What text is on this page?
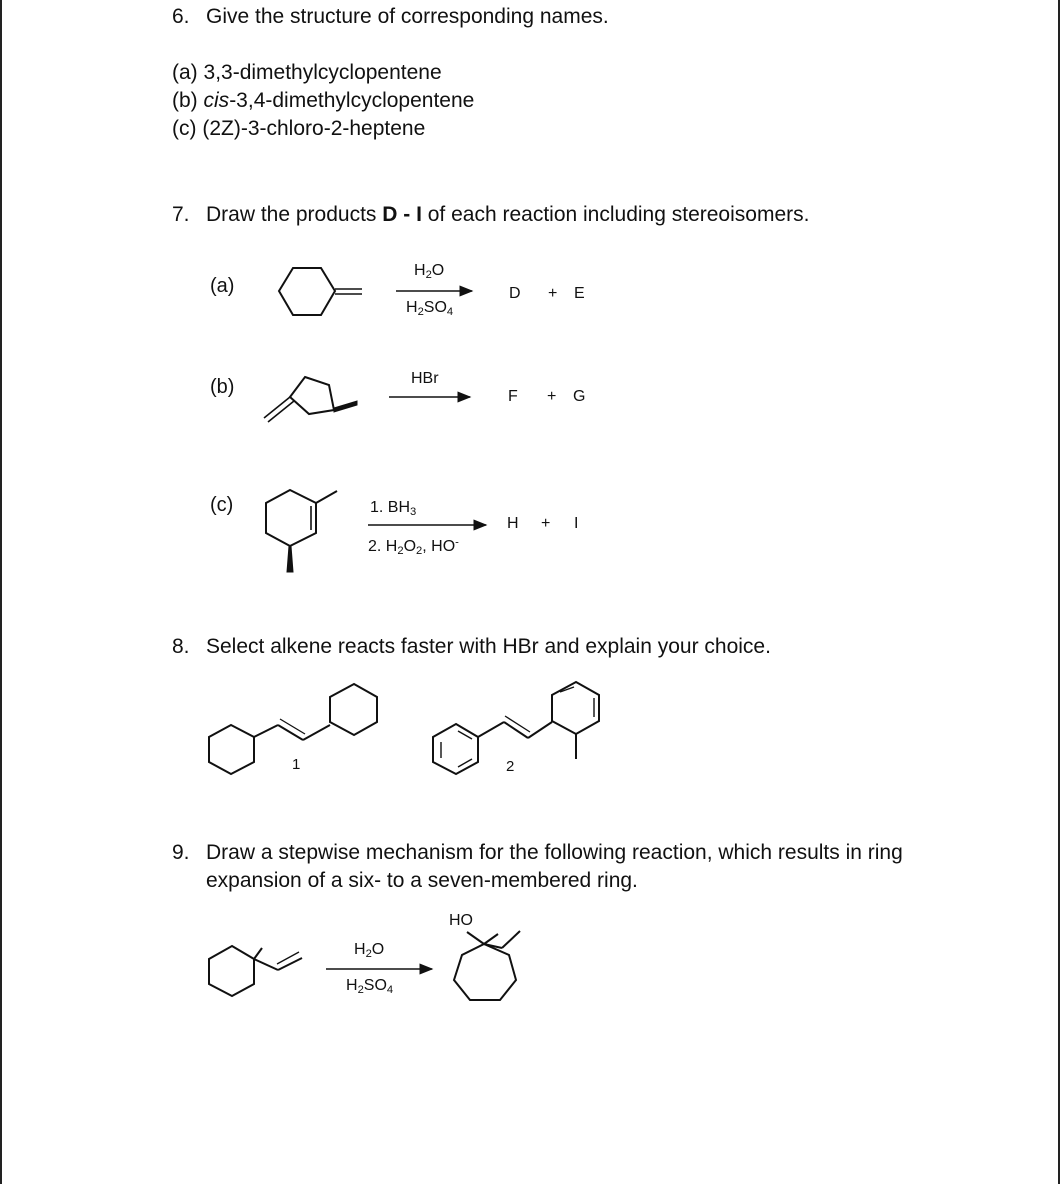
6. Give the structure of corresponding names.
(a) 3,3-dimethylcyclopentene
(b) cis-3,4-dimethylcyclopentene
(c) (2Z)-3-chloro-2-heptene
7. Draw the products D - I of each reaction including stereoisomers.
(a)
$H_2O$
$H_2SO_4$
D + E
(b)	HBr
F + G
(c)	1. $BH_3$
2. $H_2O_2$, HO-
H + I
8. Select alkene reacts faster with HBr and explain your choice.
1	2
9. Draw a stepwise mechanism for the following reaction, which results in ring
expansion of a six- to a seven-membered ring.
$H_2O$
$H_2SO_4$
HO
